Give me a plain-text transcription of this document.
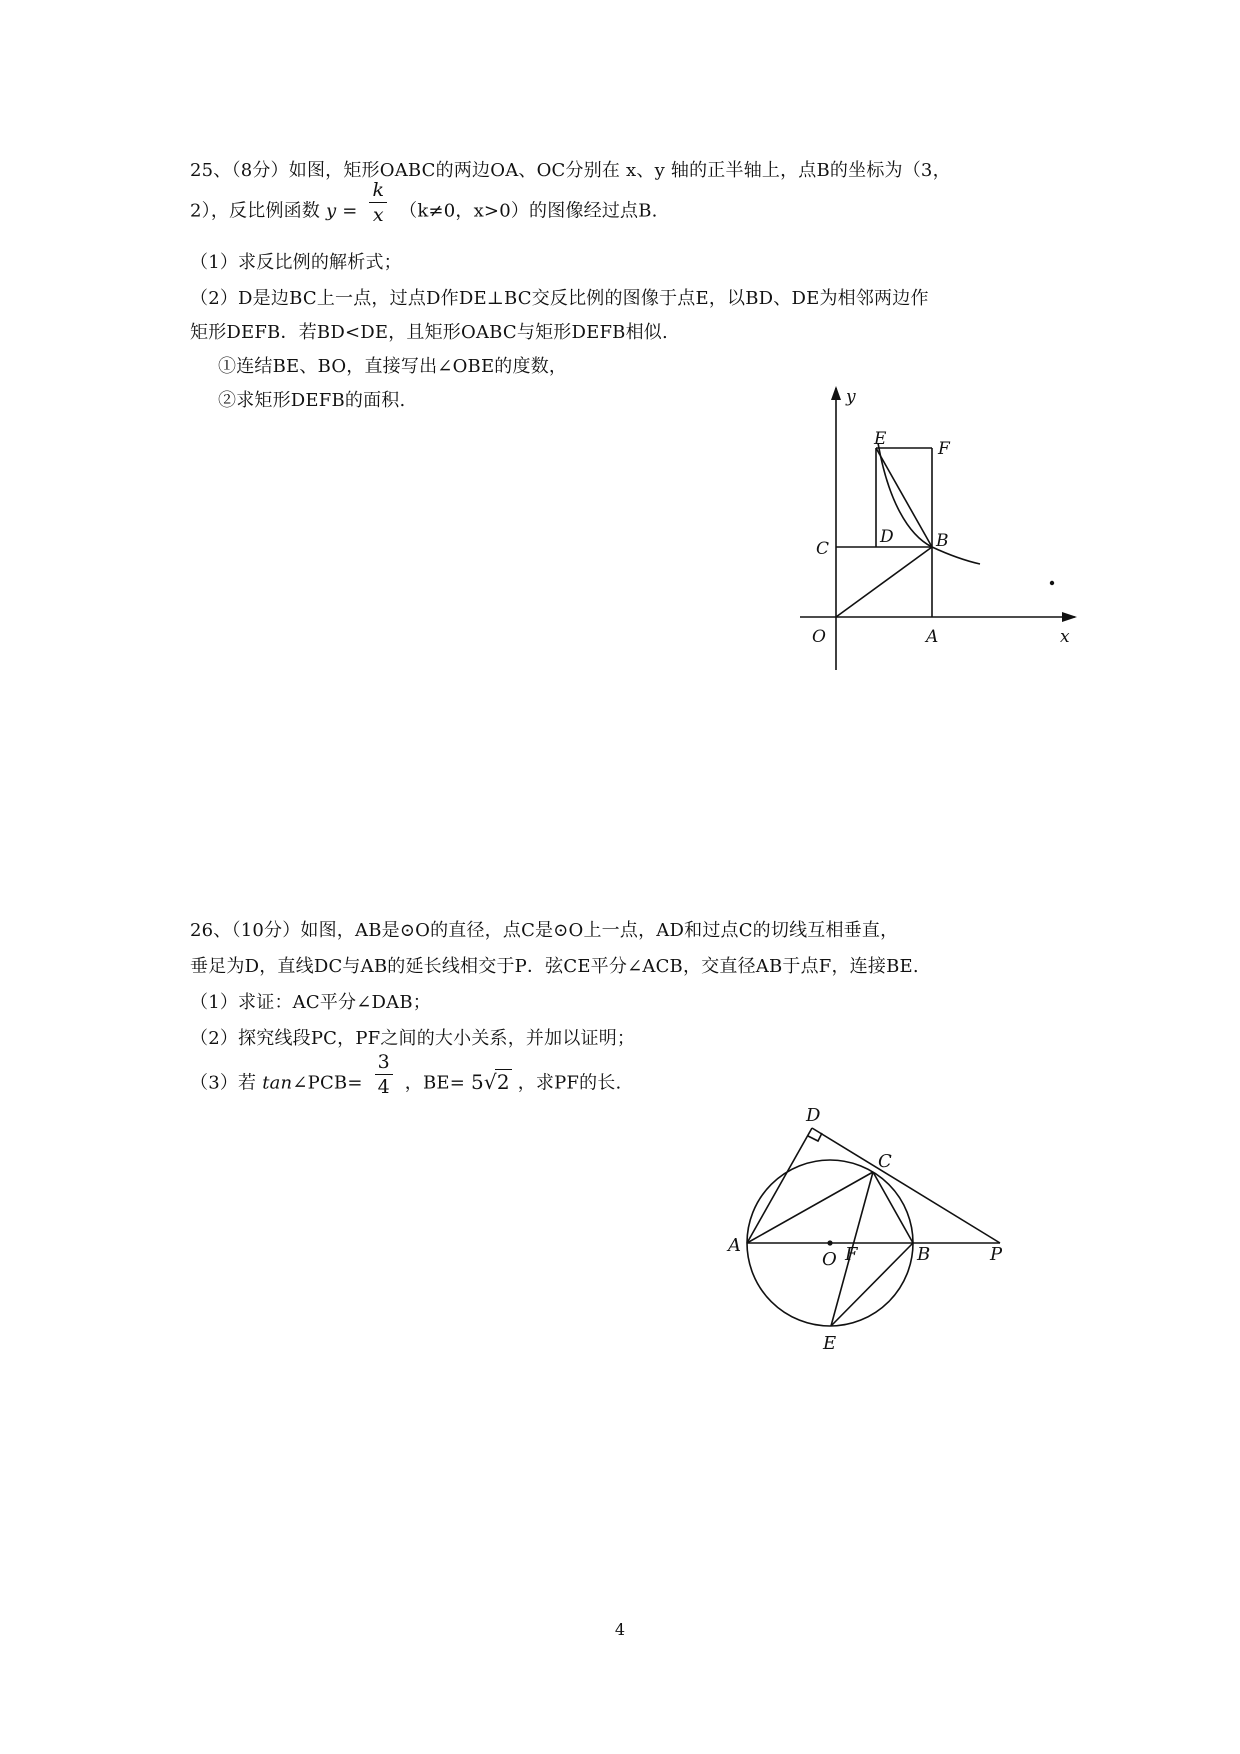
25、（8分）如图，矩形OABC的两边OA、OC分别在 x、y 轴的正半轴上，点B的坐标为（3，
2），反比例函数 $y = \frac{k}{x} (k\ne 0$，x>0）的图像经过点B.
（1）求反比例的解析式；
（2）D是边BC上一点，过点D作DE⊥BC交反比例的图像于点E，以BD、DE为相邻两边作
矩形DEFB．若BD<DE，且矩形OABC与矩形DEFB相似.
①连结BE、BO，直接写出∠OBE的度数，
②求矩形DEFB的面积.	y
x
O	A
B
C
D
E	F
26、（10分）如图，AB是⊙O的直径，点C是⊙O上一点，AD和过点C的切线互相垂直，
垂足为D，直线DC与AB的延长线相交于P．弦CE平分∠ACB，交直径AB于点F，连接BE.
（1）求证：AC平分∠DAB；
（2）探究线段PC，PF之间的大小关系，并加以证明；
（3）若 tan∠PCB= $\frac{3}{4}$ ，BE= 5√2 ，求PF的长.
D
C
A
O F	B	P
E
4
